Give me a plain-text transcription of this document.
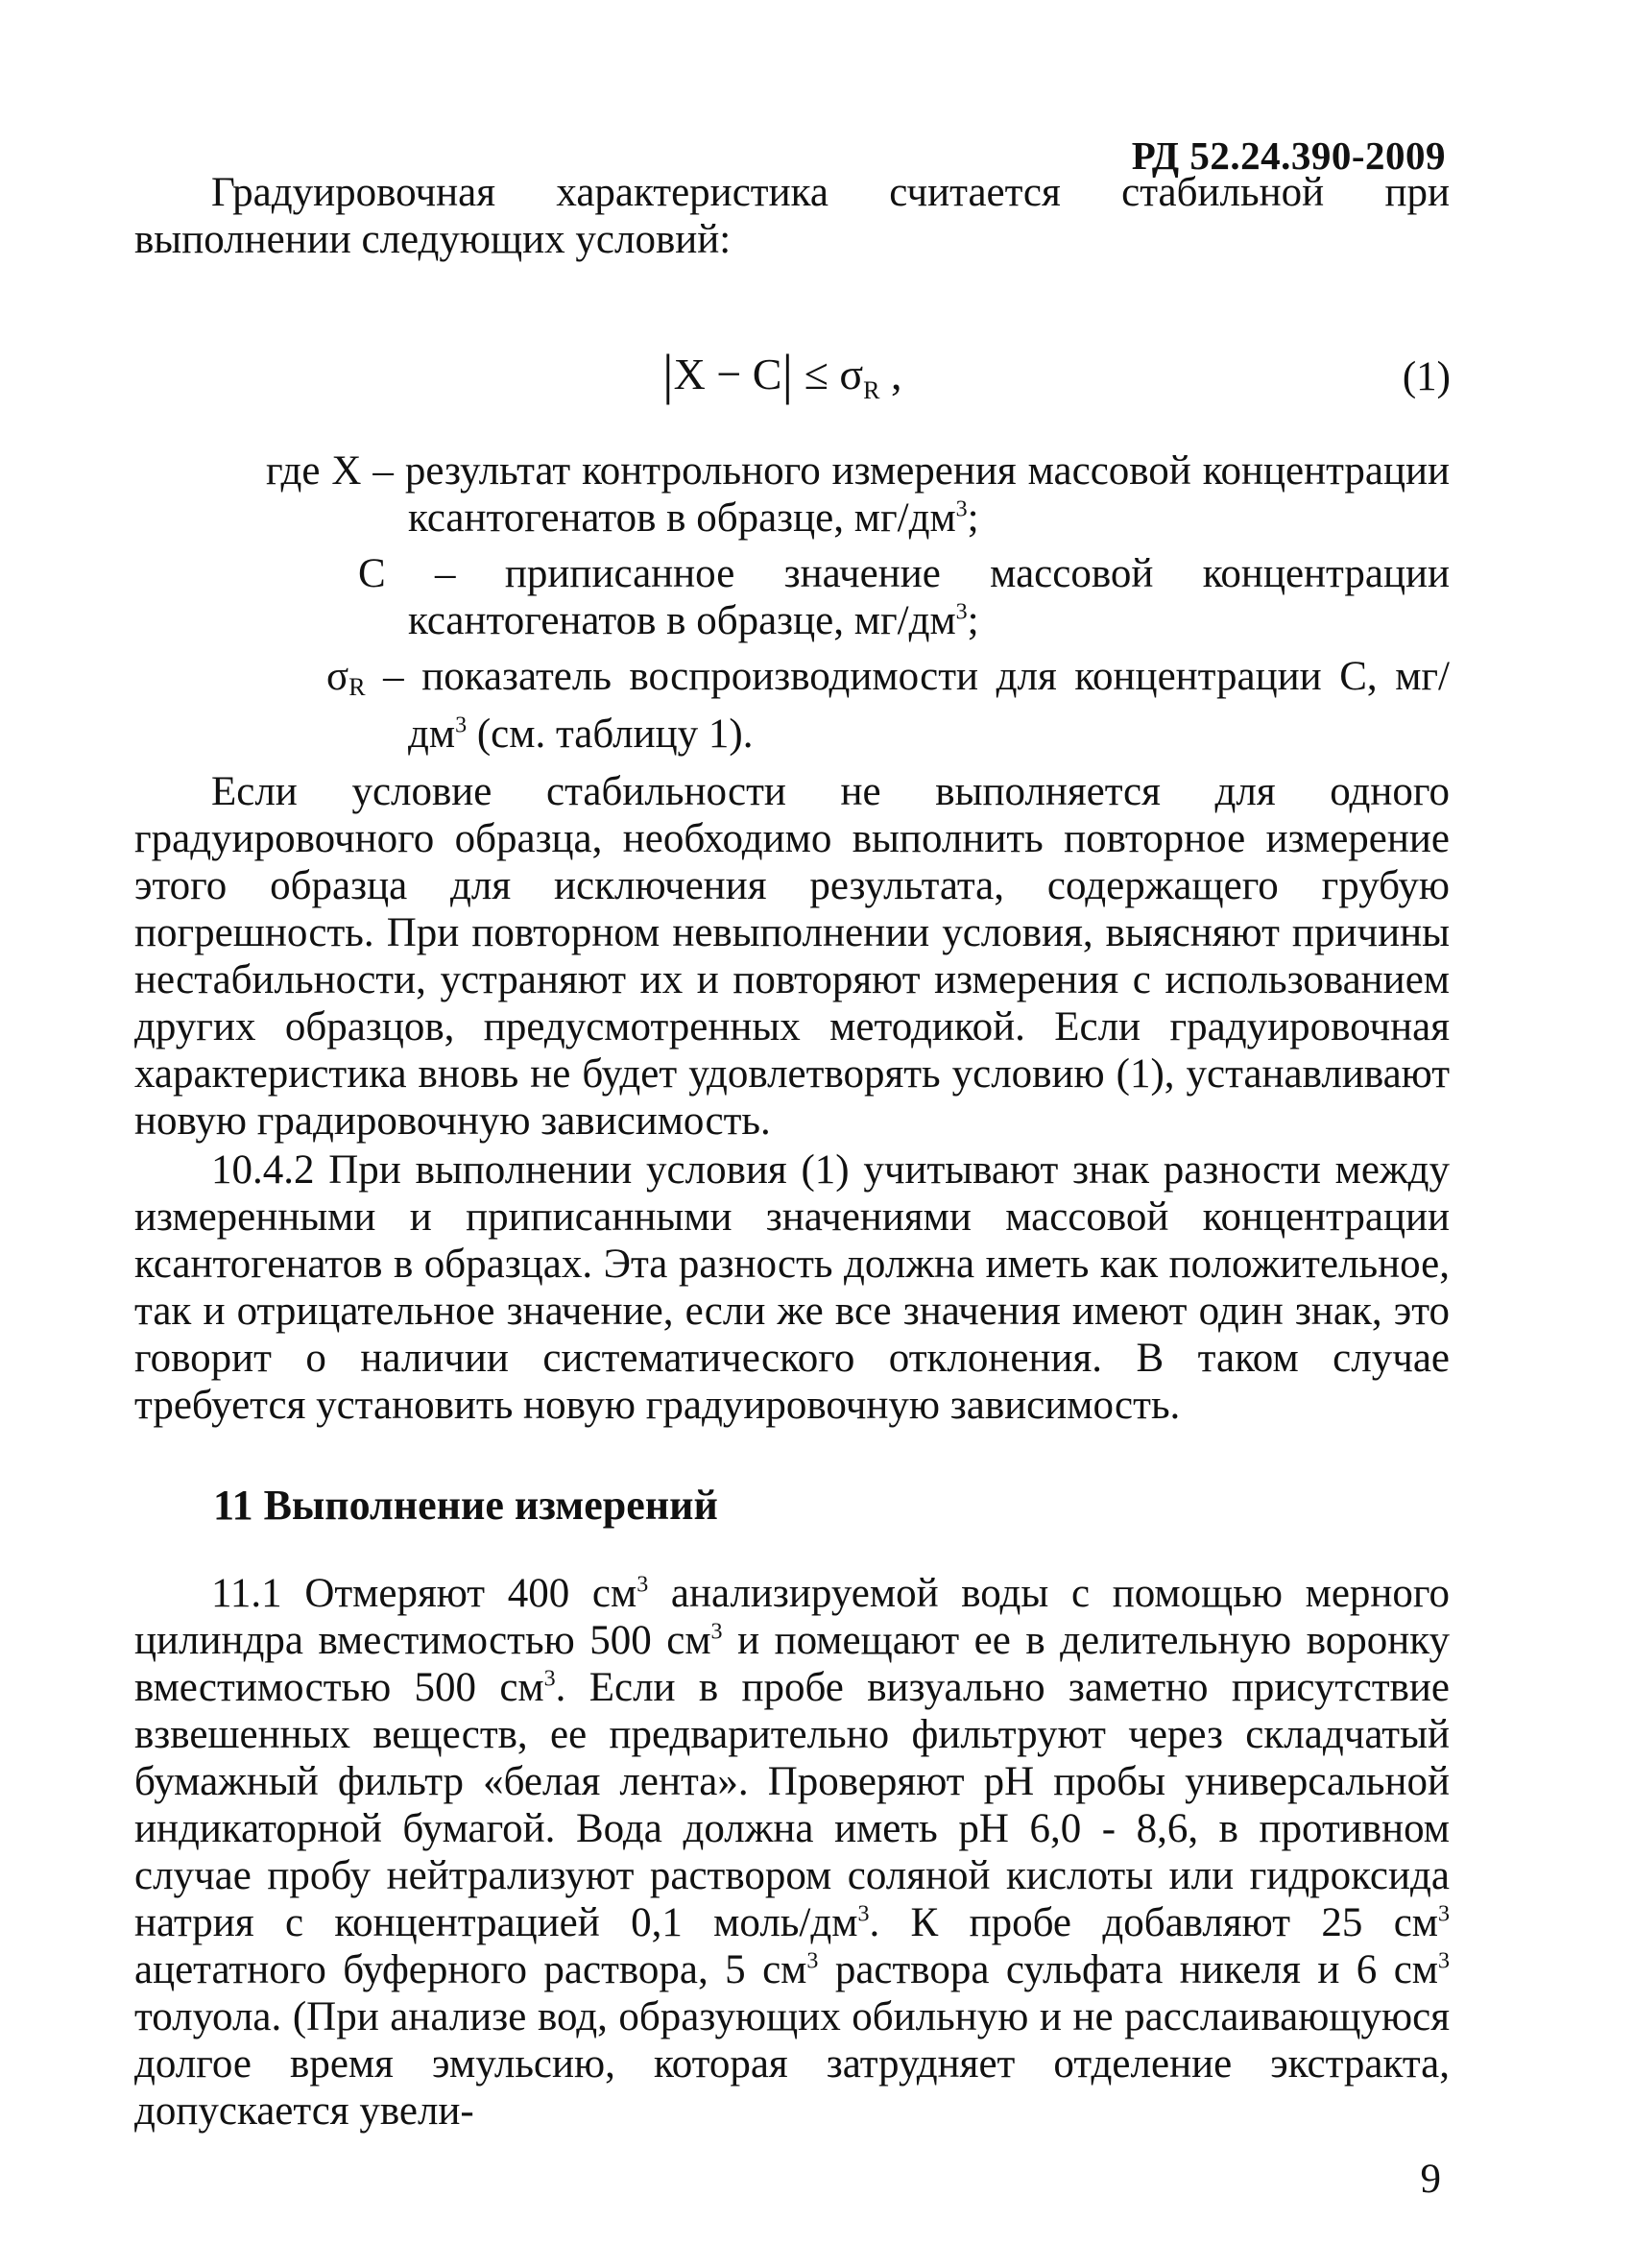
РД 52.24.390-2009

Градуировочная характеристика считается стабильной при выполнении следующих условий:

$|X - C| \le \sigma_R$ ,	(1)
где X – результат контрольного измерения массовой концентрации ксантогенатов в образце, $мг/дм^3$;
C – приписанное значение массовой концентрации ксантогенатов в образце, $мг/дм^3$;
$\sigma_R$ – показатель воспроизводимости для концентрации C, $мг/дм^3$ (см. таблицу 1).

Если условие стабильности не выполняется для одного градуировочного образца, необходимо выполнить повторное измерение этого образца для исключения результата, содержащего грубую погрешность. При повторном невыполнении условия, выясняют причины нестабильности, устраняют их и повторяют измерения с использованием других образцов, предусмотренных методикой. Если градуировочная характеристика вновь не будет удовлетворять условию (1), устанавливают новую градировочную зависимость.

10.4.2 При выполнении условия (1) учитывают знак разности между измеренными и приписанными значениями массовой концентрации ксантогенатов в образцах. Эта разность должна иметь как положительное, так и отрицательное значение, если же все значения имеют один знак, это говорит о наличии систематического отклонения. В таком случае требуется установить новую градуировочную зависимость.

11 Выполнение измерений

11.1 Отмеряют 400 $см^3$ анализируемой воды с помощью мерного цилиндра вместимостью 500 $см^3$ и помещают ее в делительную воронку вместимостью 500 $см^3$. Если в пробе визуально заметно присутствие взвешенных веществ, ее предварительно фильтруют через складчатый бумажный фильтр «белая лента». Проверяют pH пробы универсальной индикаторной бумагой. Вода должна иметь pH 6,0 - 8,6, в противном случае пробу нейтрализуют раствором соляной кислоты или гидроксида натрия с концентрацией 0,1 моль/$дм^3$. К пробе добавляют 25 $см^3$ ацетатного буферного раствора, 5 $см^3$ раствора сульфата никеля и 6 $см^3$ толуола. (При анализе вод, образующих обильную и не расслаивающуюся долгое время эмульсию, которая затрудняет отделение экстракта, допускается увели-

9
